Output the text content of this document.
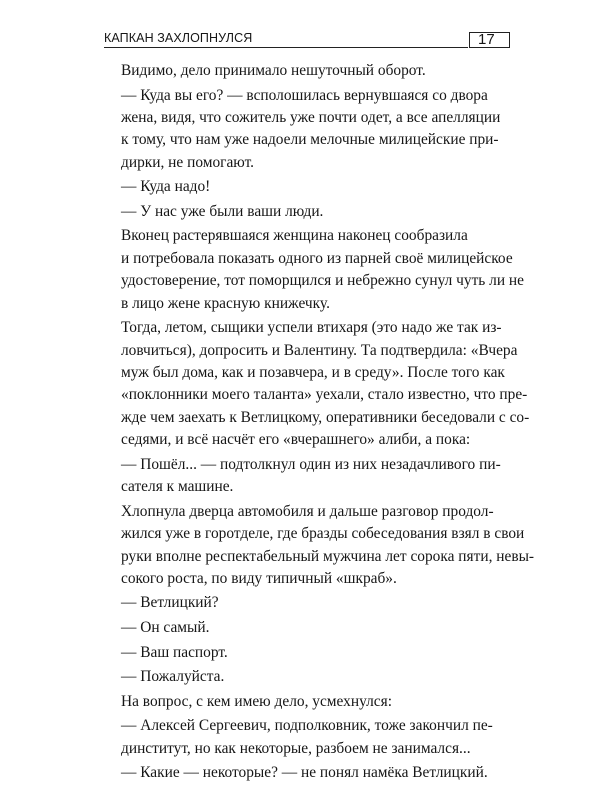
КАПКАН ЗАХЛОПНУЛСЯ	17

Видимо, дело принимало нешуточный оборот.

— Куда вы его? — всполошилась вернувшаяся со двора
жена, видя, что сожитель уже почти одет, а все апелляции
к тому, что нам уже надоели мелочные милицейские при-
дирки, не помогают.

— Куда надо!

— У нас уже были ваши люди.

Вконец растерявшаяся женщина наконец сообразила
и потребовала показать одного из парней своё милицейское
удостоверение, тот поморщился и небрежно сунул чуть ли не
в лицо жене красную книжечку.

Тогда, летом, сыщики успели втихаря (это надо же так из-
ловчиться), допросить и Валентину. Та подтвердила: «Вчера
муж был дома, как и позавчера, и в среду». После того как
«поклонники моего таланта» уехали, стало известно, что пре-
жде чем заехать к Ветлицкому, оперативники беседовали с со-
седями, и всё насчёт его «вчерашнего» алиби, а пока:

— Пошёл... — подтолкнул один из них незадачливого пи-
сателя к машине.

Хлопнула дверца автомобиля и дальше разговор продол-
жился уже в горотделе, где бразды собеседования взял в свои
руки вполне респектабельный мужчина лет сорока пяти, невы-
сокого роста, по виду типичный «шкраб».

— Ветлицкий?

— Он самый.

— Ваш паспорт.

— Пожалуйста.

На вопрос, с кем имею дело, усмехнулся:

— Алексей Сергеевич, подполковник, тоже закончил пе-
динститут, но как некоторые, разбоем не занимался...

— Какие — некоторые? — не понял намёка Ветлицкий.
